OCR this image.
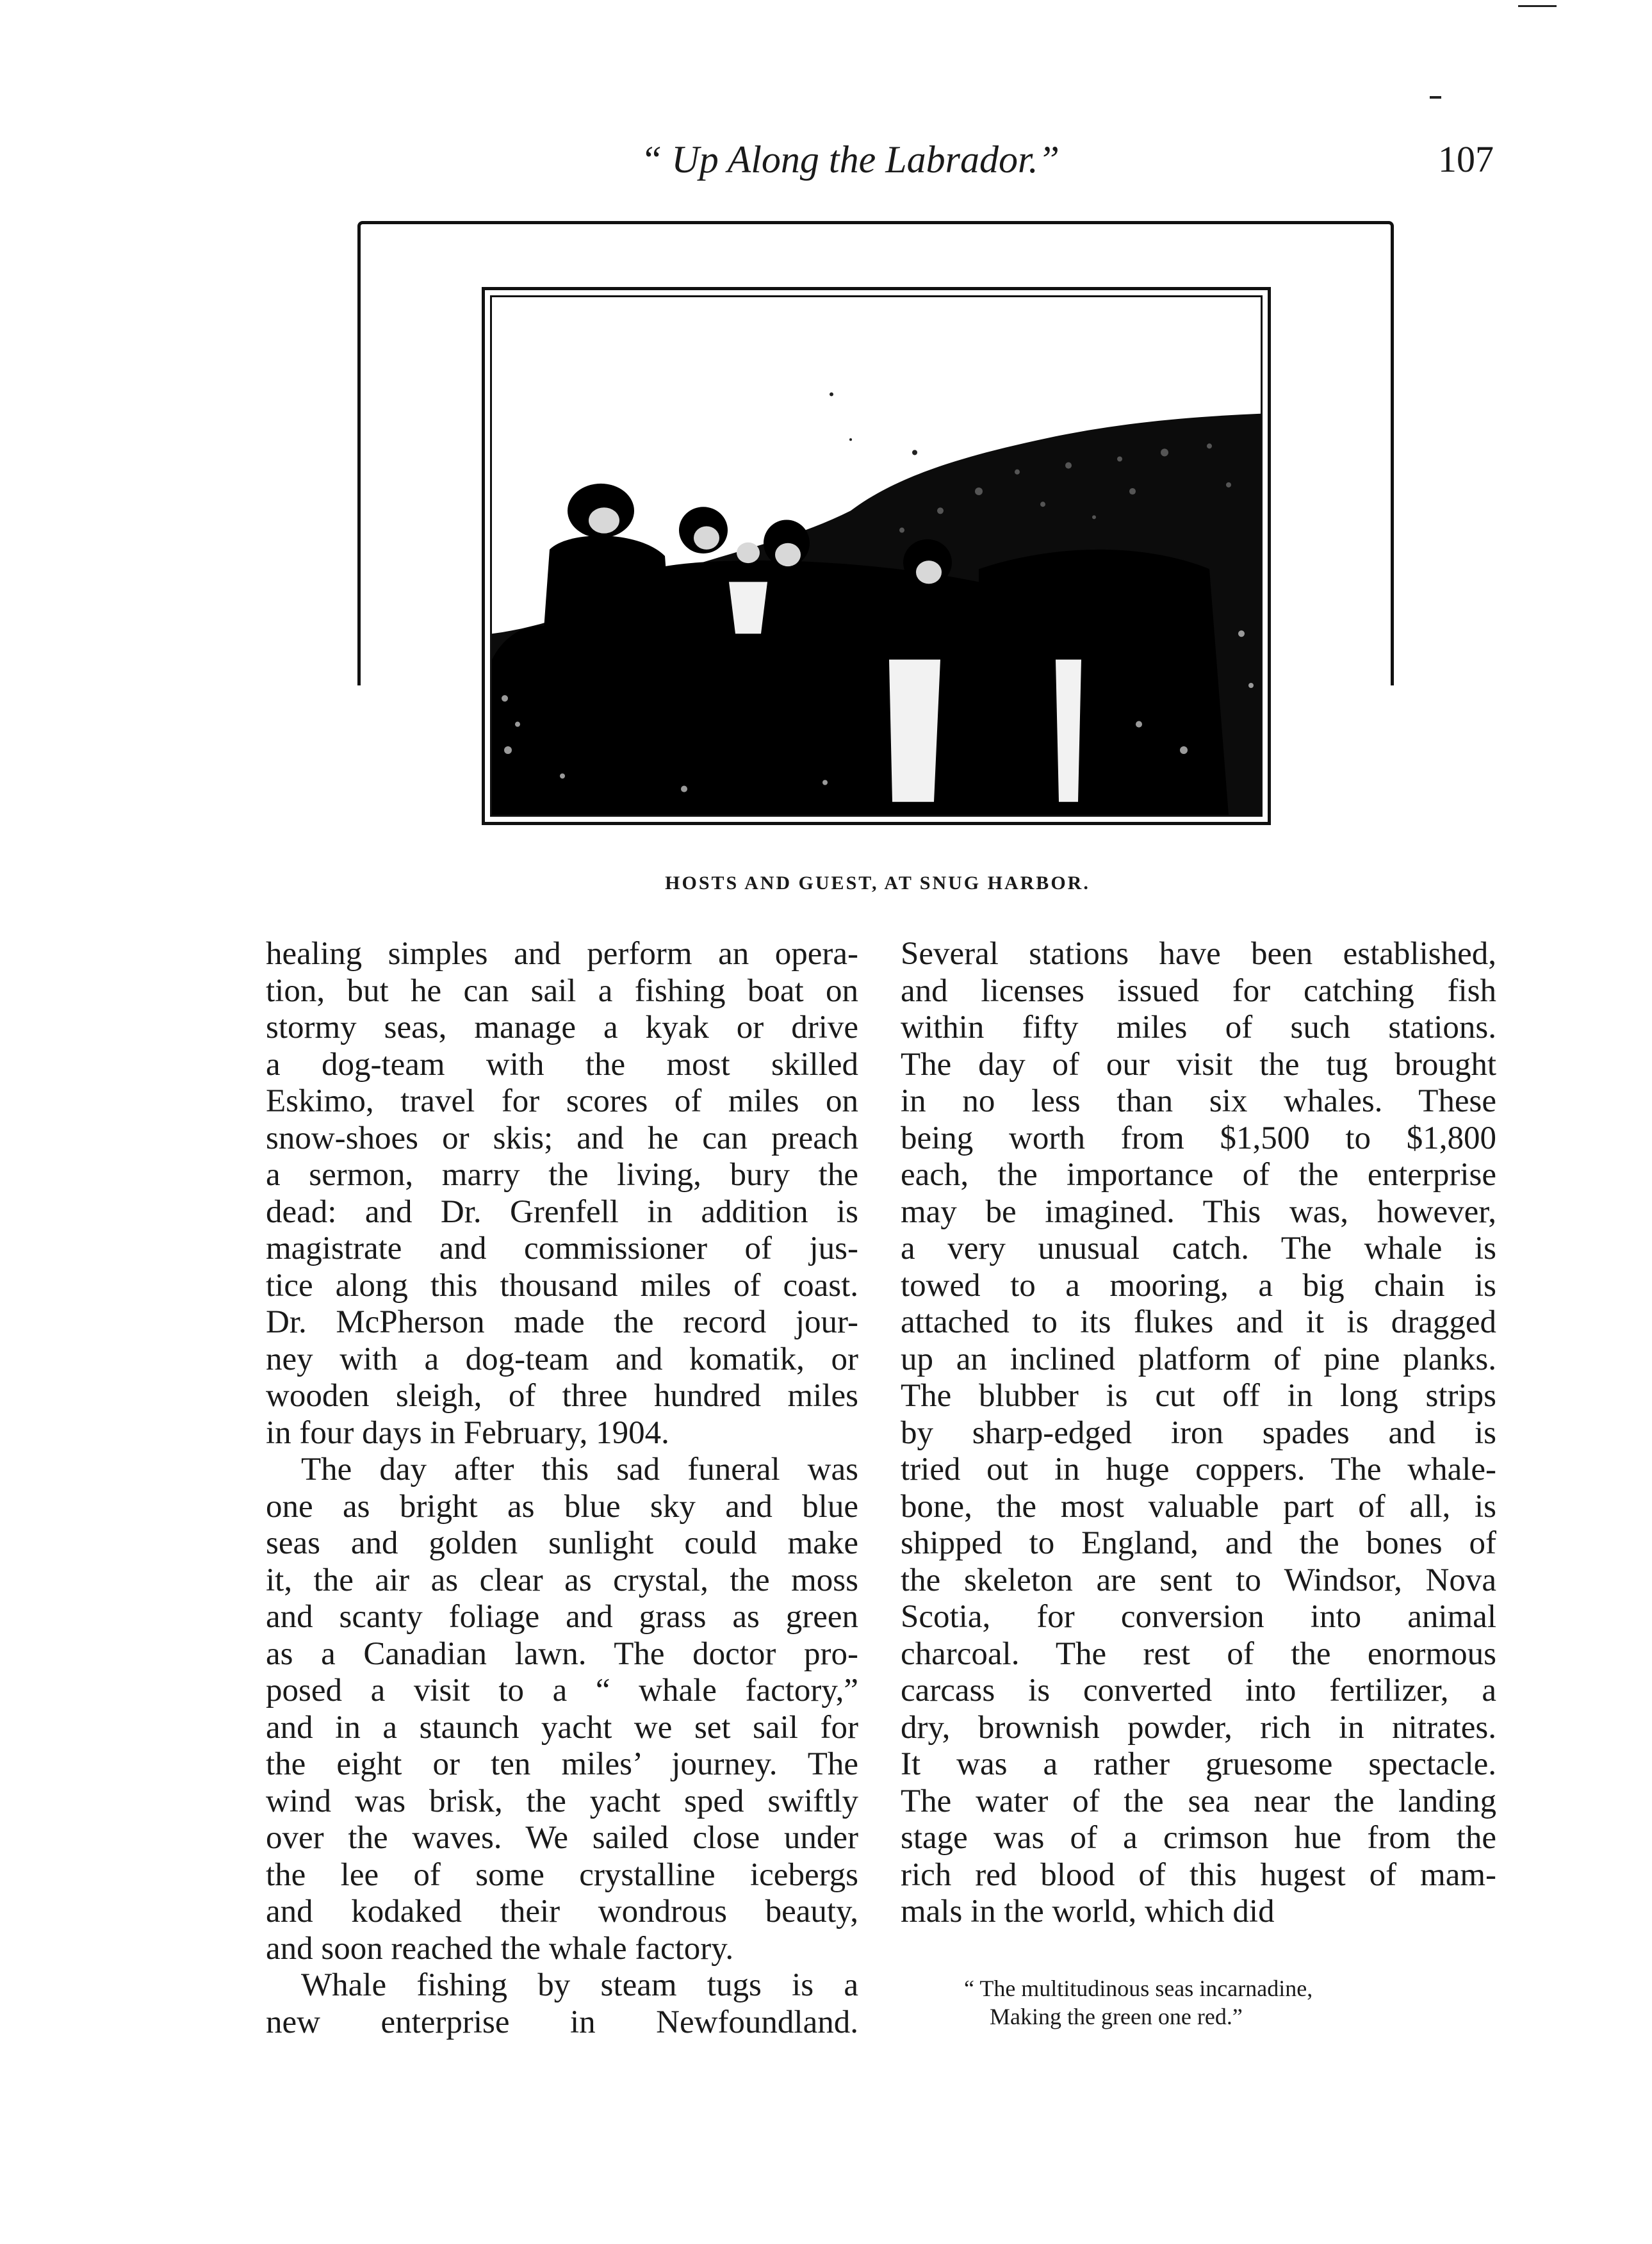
“ Up Along the Labrador.”	107
HOSTS AND GUEST, AT SNUG HARBOR.
healing simples and perform an opera-
tion, but he can sail a fishing boat on
stormy seas, manage a kyak or drive
a dog-team with the most skilled
Eskimo, travel for scores of miles on
snow-shoes or skis; and he can preach
a sermon, marry the living, bury the
dead: and Dr. Grenfell in addition is
magistrate and commissioner of jus-
tice along this thousand miles of coast.
Dr. McPherson made the record jour-
ney with a dog-team and komatik, or
wooden sleigh, of three hundred miles
in four days in February, 1904.
The day after this sad funeral was
one as bright as blue sky and blue
seas and golden sunlight could make
it, the air as clear as crystal, the moss
and scanty foliage and grass as green
as a Canadian lawn. The doctor pro-
posed a visit to a “ whale factory,”
and in a staunch yacht we set sail for
the eight or ten miles’ journey. The
wind was brisk, the yacht sped swiftly
over the waves. We sailed close under
the lee of some crystalline icebergs
and kodaked their wondrous beauty,
and soon reached the whale factory.
Whale fishing by steam tugs is a
new enterprise in Newfoundland.
Several stations have been established,
and licenses issued for catching fish
within fifty miles of such stations.
The day of our visit the tug brought
in no less than six whales. These
being worth from $1,500 to $1,800
each, the importance of the enterprise
may be imagined. This was, however,
a very unusual catch. The whale is
towed to a mooring, a big chain is
attached to its flukes and it is dragged
up an inclined platform of pine planks.
The blubber is cut off in long strips
by sharp-edged iron spades and is
tried out in huge coppers. The whale-
bone, the most valuable part of all, is
shipped to England, and the bones of
the skeleton are sent to Windsor, Nova
Scotia, for conversion into animal
charcoal. The rest of the enormous
carcass is converted into fertilizer, a
dry, brownish powder, rich in nitrates.
It was a rather gruesome spectacle.
The water of the sea near the landing
stage was of a crimson hue from the
rich red blood of this hugest of mam-
mals in the world, which did
“ The multitudinous seas incarnadine,
Making the green one red.”
